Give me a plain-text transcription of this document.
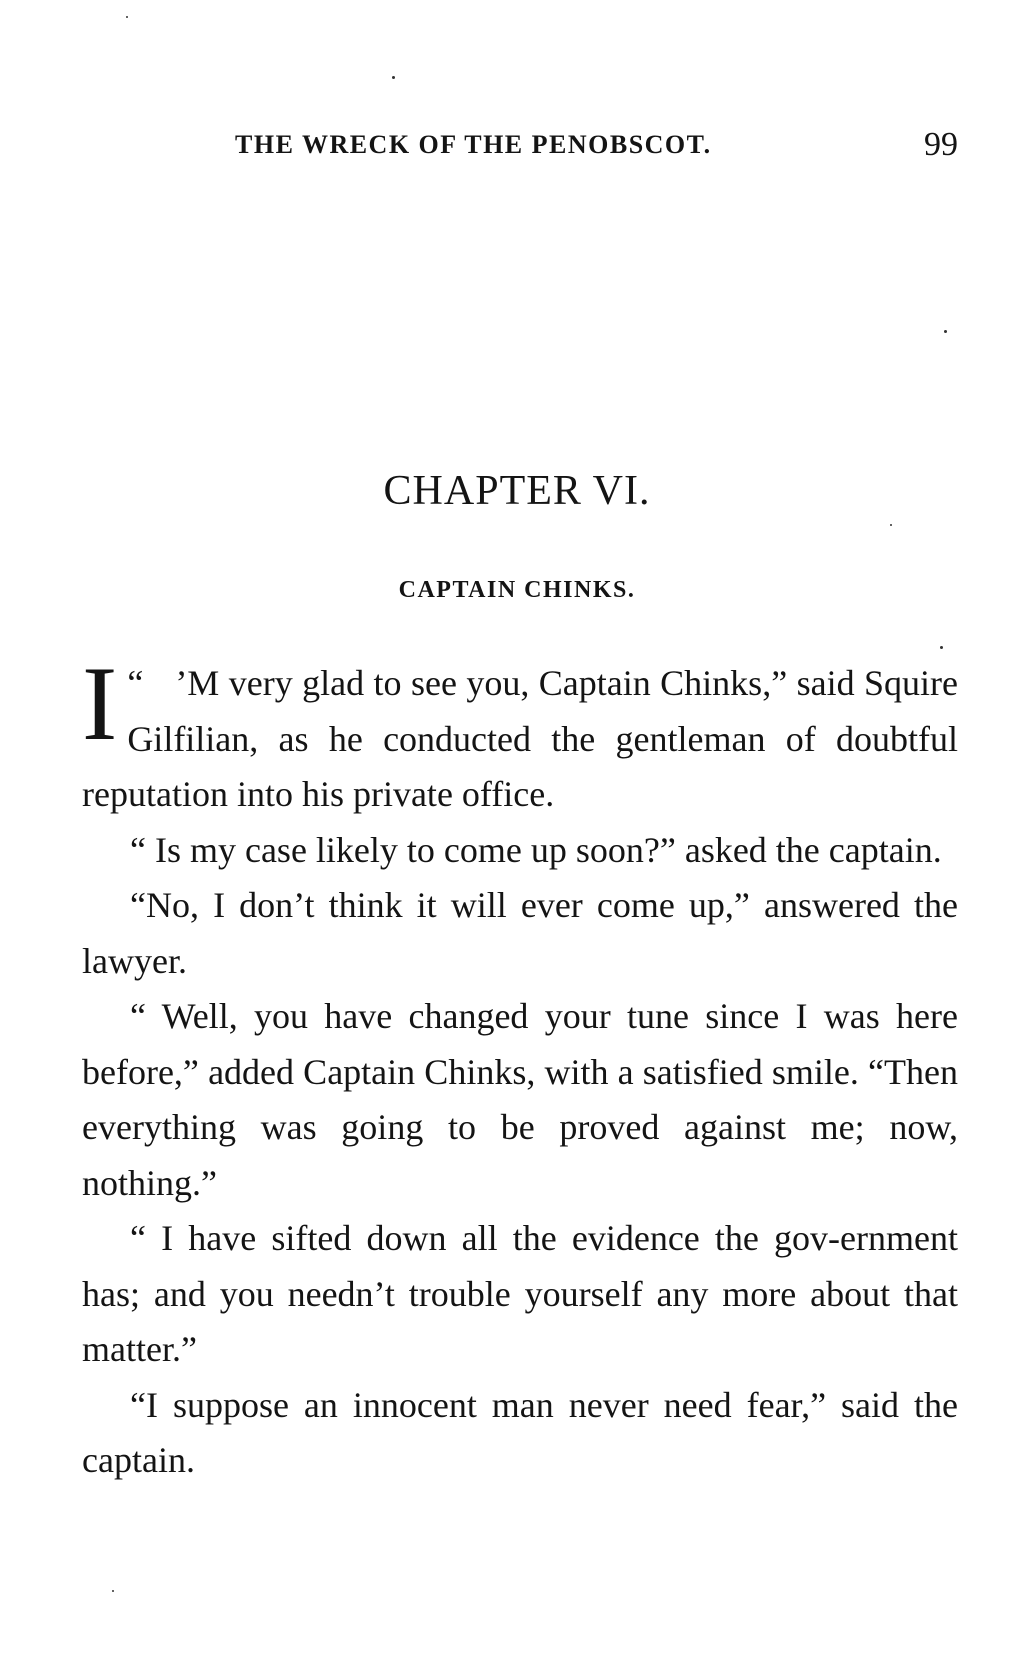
THE WRECK OF THE PENOBSCOT.	99
CHAPTER VI.
CAPTAIN CHINKS.

“
I ’M very glad to see you, Captain Chinks,” said Squire Gilfilian, as he conducted the gentleman of doubtful reputation into his private office.

“ Is my case likely to come up soon?” asked the captain.

“No, I don’t think it will ever come up,” answered the lawyer.

“ Well, you have changed your tune since I was here before,” added Captain Chinks, with a satisfied smile. “Then everything was going to be proved against me; now, nothing.”

“ I have sifted down all the evidence the gov-ernment has; and you needn’t trouble yourself any more about that matter.”

“I suppose an innocent man never need fear,” said the captain.
